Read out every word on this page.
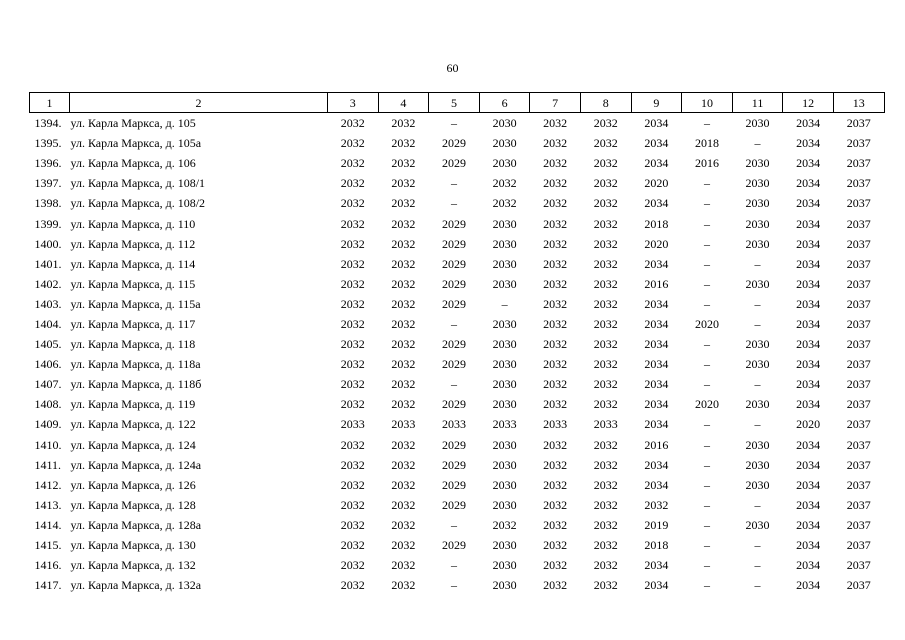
60
1	2	3	4	5	6	7	8	9	10	11	12	13
1394.	ул. Карла Маркса, д. 105	2032	2032	–	2030	2032	2032	2034	–	2030	2034	2037
1395.	ул. Карла Маркса, д. 105а	2032	2032	2029	2030	2032	2032	2034	2018	–	2034	2037
1396.	ул. Карла Маркса, д. 106	2032	2032	2029	2030	2032	2032	2034	2016	2030	2034	2037
1397.	ул. Карла Маркса, д. 108/1	2032	2032	–	2032	2032	2032	2020	–	2030	2034	2037
1398.	ул. Карла Маркса, д. 108/2	2032	2032	–	2032	2032	2032	2034	–	2030	2034	2037
1399.	ул. Карла Маркса, д. 110	2032	2032	2029	2030	2032	2032	2018	–	2030	2034	2037
1400.	ул. Карла Маркса, д. 112	2032	2032	2029	2030	2032	2032	2020	–	2030	2034	2037
1401.	ул. Карла Маркса, д. 114	2032	2032	2029	2030	2032	2032	2034	–	–	2034	2037
1402.	ул. Карла Маркса, д. 115	2032	2032	2029	2030	2032	2032	2016	–	2030	2034	2037
1403.	ул. Карла Маркса, д. 115а	2032	2032	2029	–	2032	2032	2034	–	–	2034	2037
1404.	ул. Карла Маркса, д. 117	2032	2032	–	2030	2032	2032	2034	2020	–	2034	2037
1405.	ул. Карла Маркса, д. 118	2032	2032	2029	2030	2032	2032	2034	–	2030	2034	2037
1406.	ул. Карла Маркса, д. 118а	2032	2032	2029	2030	2032	2032	2034	–	2030	2034	2037
1407.	ул. Карла Маркса, д. 118б	2032	2032	–	2030	2032	2032	2034	–	–	2034	2037
1408.	ул. Карла Маркса, д. 119	2032	2032	2029	2030	2032	2032	2034	2020	2030	2034	2037
1409.	ул. Карла Маркса, д. 122	2033	2033	2033	2033	2033	2033	2034	–	–	2020	2037
1410.	ул. Карла Маркса, д. 124	2032	2032	2029	2030	2032	2032	2016	–	2030	2034	2037
1411.	ул. Карла Маркса, д. 124а	2032	2032	2029	2030	2032	2032	2034	–	2030	2034	2037
1412.	ул. Карла Маркса, д. 126	2032	2032	2029	2030	2032	2032	2034	–	2030	2034	2037
1413.	ул. Карла Маркса, д. 128	2032	2032	2029	2030	2032	2032	2032	–	–	2034	2037
1414.	ул. Карла Маркса, д. 128а	2032	2032	–	2032	2032	2032	2019	–	2030	2034	2037
1415.	ул. Карла Маркса, д. 130	2032	2032	2029	2030	2032	2032	2018	–	–	2034	2037
1416.	ул. Карла Маркса, д. 132	2032	2032	–	2030	2032	2032	2034	–	–	2034	2037
1417.	ул. Карла Маркса, д. 132а	2032	2032	–	2030	2032	2032	2034	–	–	2034	2037
